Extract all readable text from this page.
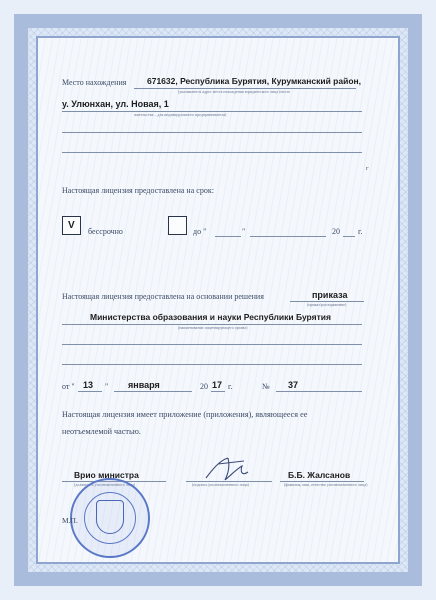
Место нахождения 671632, Республика Бурятия, Курумканский район,
(указываются адрес места нахождения юридического лица (место
у. Улюнхан, ул. Новая, 1
жительства – для индивидуального предпринимателя)
г
Настоящая лицензия предоставлена на срок:
V
бессрочно	до "	"	20 г.
Настоящая лицензия предоставлена на основании решения	приказа
(приказ/распоряжение)
Министерства образования и науки Республики Бурятия
(наименование лицензирующего органа)
от " 13 " января	20 17 г.	№ 37
Настоящая лицензия имеет приложение (приложения), являющееся ее
неотъемлемой частью.
Врио министра
(должность уполномоченного лица)	(подпись уполномоченного лица)
Б.Б. Жалсанов
(фамилия, имя, отчество уполномоченного лица)
М.П.
